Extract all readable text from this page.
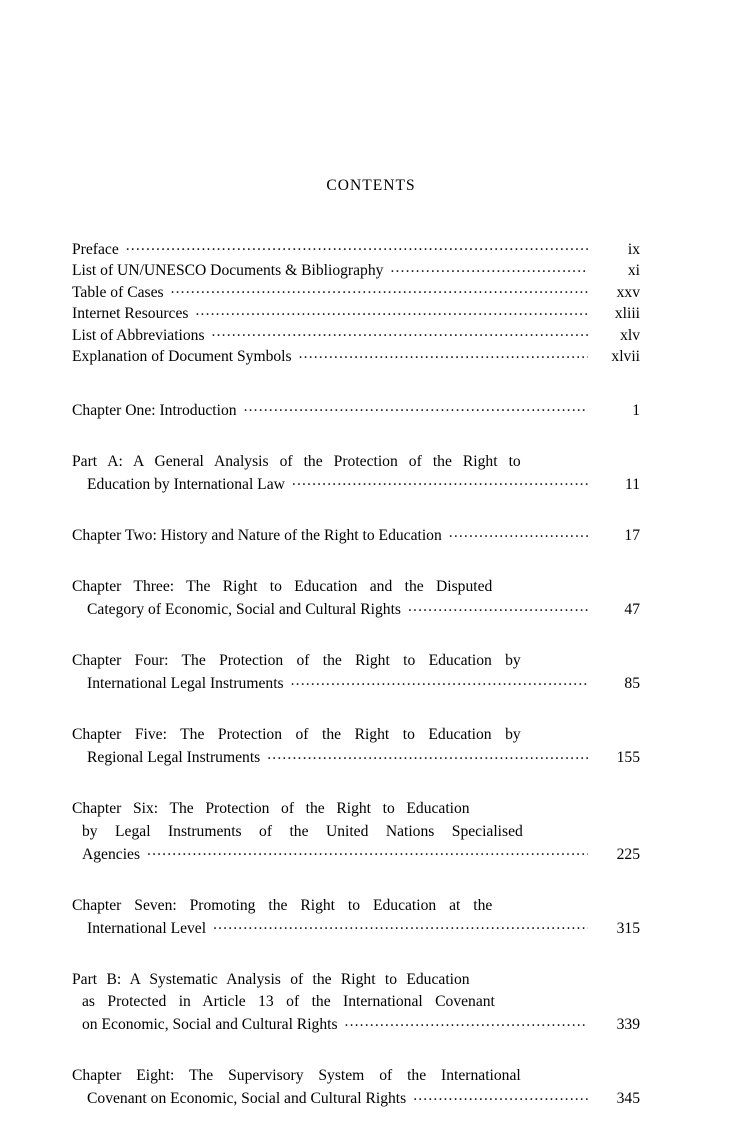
CONTENTS
Preface .....	ix
List of UN/UNESCO Documents & Bibliography .....	xi
Table of Cases .....	xxv
Internet Resources .....	xliii
List of Abbreviations .....	xlv
Explanation of Document Symbols .....	xlvii
Chapter One: Introduction .....	1
Part A: A General Analysis of the Protection of the Right to
Education by International Law .....	11
Chapter Two: History and Nature of the Right to Education .....	17
Chapter Three: The Right to Education and the Disputed
Category of Economic, Social and Cultural Rights .....	47
Chapter Four: The Protection of the Right to Education by
International Legal Instruments .....	85
Chapter Five: The Protection of the Right to Education by
Regional Legal Instruments .....	155
Chapter Six: The Protection of the Right to Education
by Legal Instruments of the United Nations Specialised
Agencies .....	225
Chapter Seven: Promoting the Right to Education at the
International Level .....	315
Part B: A Systematic Analysis of the Right to Education
as Protected in Article 13 of the International Covenant
on Economic, Social and Cultural Rights .....	339
Chapter Eight: The Supervisory System of the International
Covenant on Economic, Social and Cultural Rights .....	345
